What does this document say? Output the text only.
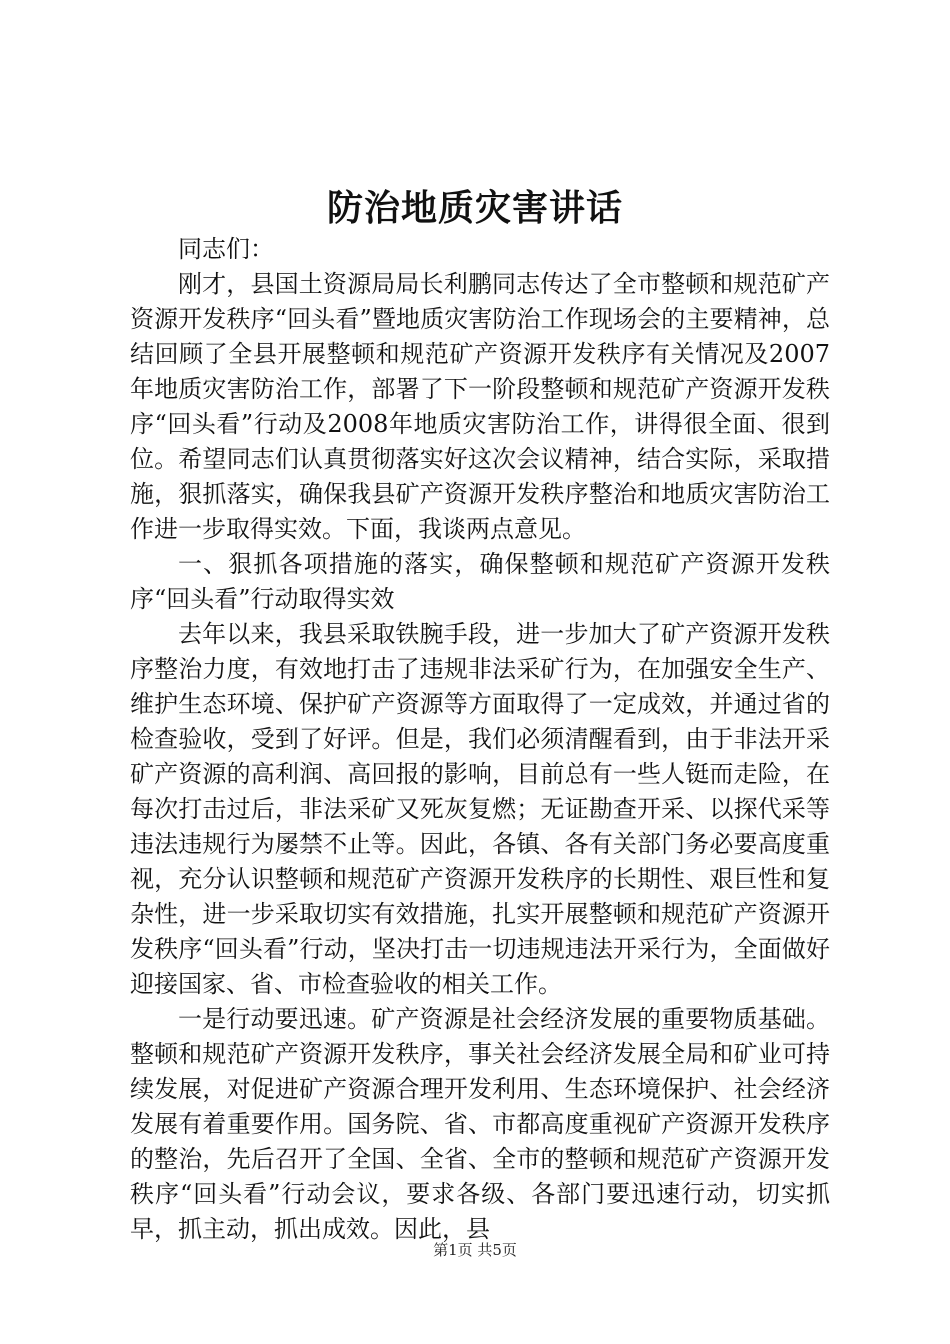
防治地质灾害讲话

同志们：

刚才，县国土资源局局长利鹏同志传达了全市整顿和规范矿产资源开发秩序“回头看”暨地质灾害防治工作现场会的主要精神，总结回顾了全县开展整顿和规范矿产资源开发秩序有关情况及2007年地质灾害防治工作，部署了下一阶段整顿和规范矿产资源开发秩序“回头看”行动及2008年地质灾害防治工作，讲得很全面、很到位。希望同志们认真贯彻落实好这次会议精神，结合实际，采取措施，狠抓落实，确保我县矿产资源开发秩序整治和地质灾害防治工作进一步取得实效。下面，我谈两点意见。

一、狠抓各项措施的落实，确保整顿和规范矿产资源开发秩序“回头看”行动取得实效

去年以来，我县采取铁腕手段，进一步加大了矿产资源开发秩序整治力度，有效地打击了违规非法采矿行为，在加强安全生产、维护生态环境、保护矿产资源等方面取得了一定成效，并通过省的检查验收，受到了好评。但是，我们必须清醒看到，由于非法开采矿产资源的高利润、高回报的影响，目前总有一些人铤而走险，在每次打击过后，非法采矿又死灰复燃；无证勘查开采、以探代采等违法违规行为屡禁不止等。因此，各镇、各有关部门务必要高度重视，充分认识整顿和规范矿产资源开发秩序的长期性、艰巨性和复杂性，进一步采取切实有效措施，扎实开展整顿和规范矿产资源开发秩序“回头看”行动，坚决打击一切违规违法开采行为，全面做好迎接国家、省、市检查验收的相关工作。

一是行动要迅速。矿产资源是社会经济发展的重要物质基础。整顿和规范矿产资源开发秩序，事关社会经济发展全局和矿业可持续发展，对促进矿产资源合理开发利用、生态环境保护、社会经济发展有着重要作用。国务院、省、市都高度重视矿产资源开发秩序的整治，先后召开了全国、全省、全市的整顿和规范矿产资源开发秩序“回头看”行动会议，要求各级、各部门要迅速行动，切实抓早，抓主动，抓出成效。因此，县

第1页 共5页
